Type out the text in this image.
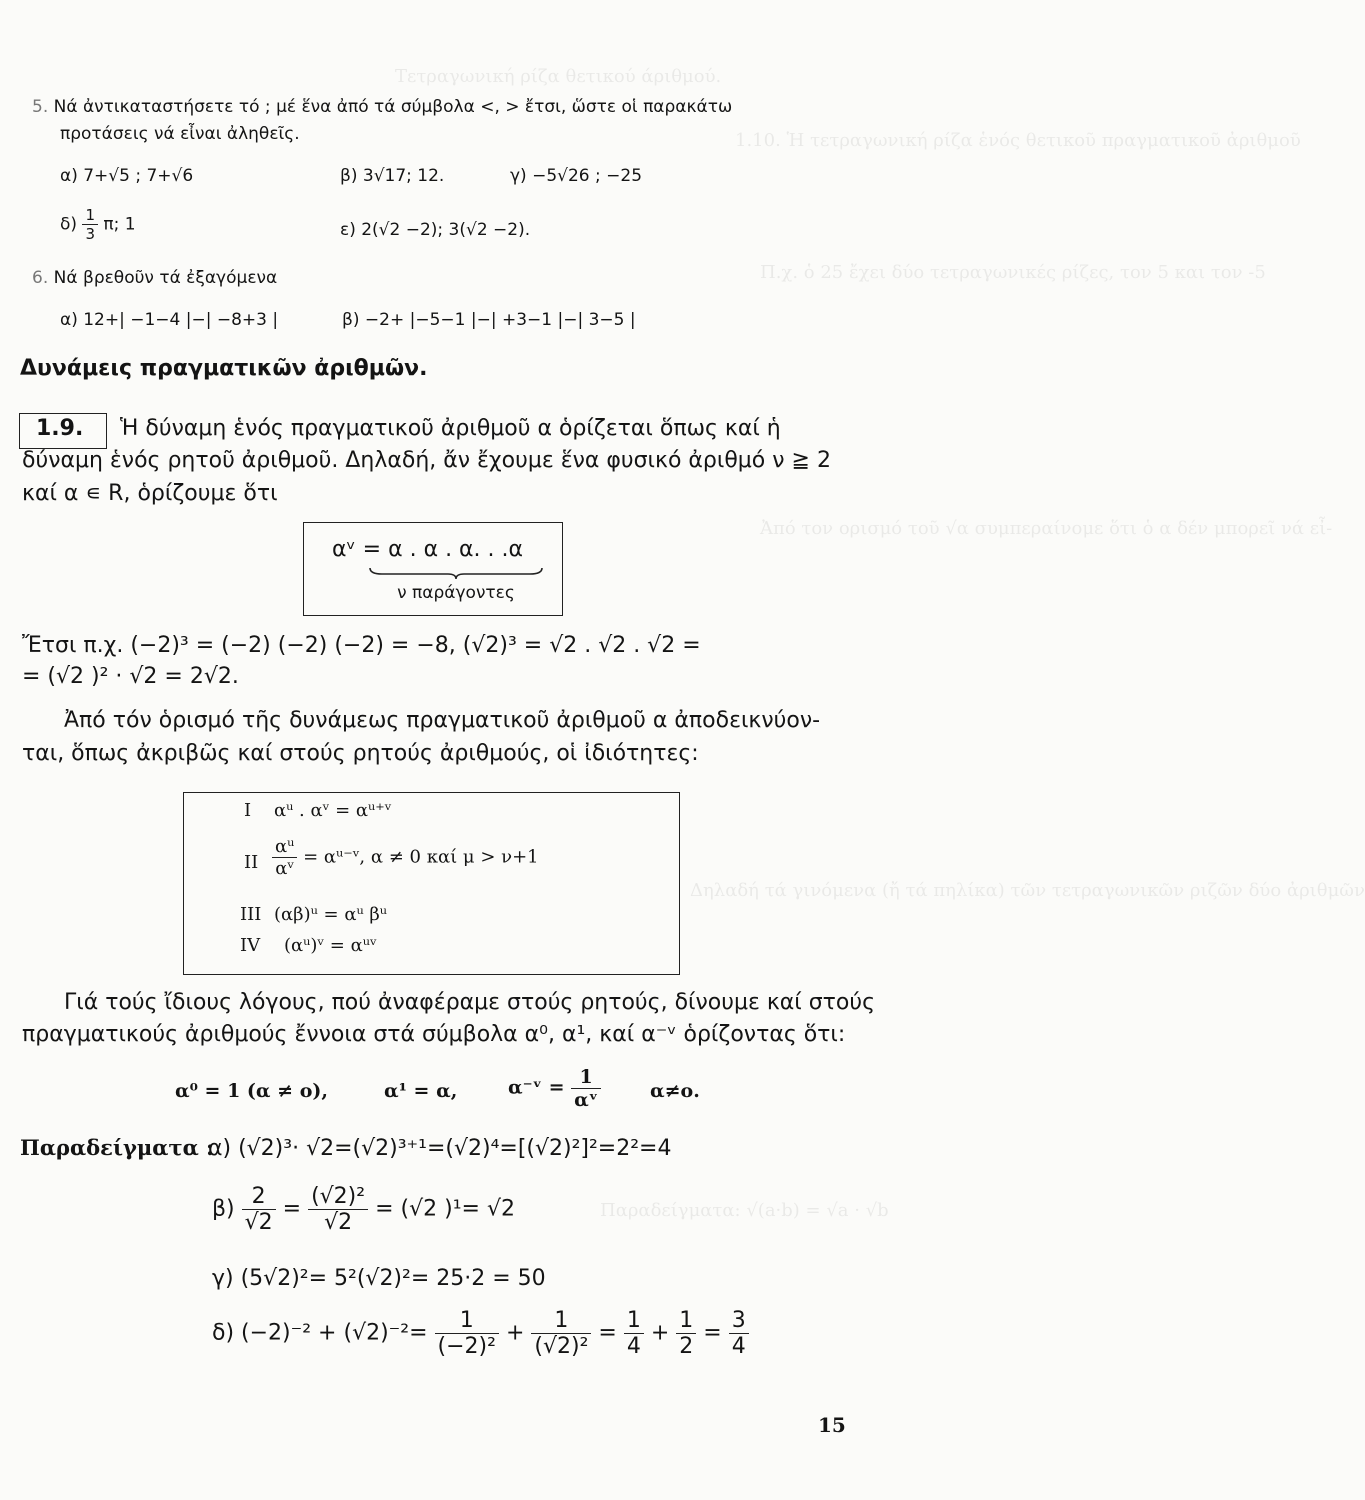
Τετραγωνική ρίζα θετικού άριθμού.
1.10. Ἡ τετραγωνική ρίζα ἑνός θετικοῦ πραγματικοῦ ἀριθμοῦ
Π.χ. ὁ 25 ἔχει δύο τετραγωνικές ρίζες, τον 5 και τον -5
Ἀπό τον ορισμό τοῦ √α συμπεραίνομε ὅτι ὁ α δέν μπορεῖ νά εἶ-
Δηλαδή τά γινόμενα (ἤ τά πηλίκα) τῶν τετραγωνικῶν ριζῶν δύο ἀριθμῶν
Παραδείγματα: √(a·b) = √a · √b
5. Νά ἀντικαταστήσετε τό ; μέ ἕνα ἀπό τά σύμβολα <, > ἔτσι, ὥστε οἱ παρακάτω
προτάσεις νά εἶναι ἀληθεῖς.
α) 7+√5 ; 7+√6	β) 3√17; 12.	γ) −5√26 ; −25
$\delta) \frac{1}{3} \pi$; 1	ε) 2(√2 −2); 3(√2 −2).
6. Νά βρεθοῦν τά ἐξαγόμενα
α) 12+| −1−4 |−| −8+3 |	β) −2+ |−5−1 |−| +3−1 |−| 3−5 |
Δυνάμεις πραγματικῶν ἀριθμῶν.
1.9. Ἡ δύναμη ἑνός πραγματικοῦ ἀριθμοῦ α ὁρίζεται ὅπως καί ἡ
δύναμη ἑνός ρητοῦ ἀριθμοῦ. Δηλαδή, ἄν ἔχουμε ἕνα φυσικό ἀριθμό ν ≧ 2
καί α ∊ R, ὁρίζουμε ὅτι
αᵛ = α . α . α. . .α
ν παράγοντες
Ἔτσι π.χ. (−2)³ = (−2) (−2) (−2) = −8, (√2)³ = √2 . √2 . √2 =
= (√2 )² · √2 = 2√2.
Ἀπό τόν ὁρισμό τῆς δυνάμεως πραγματικοῦ ἀριθμοῦ α ἀποδεικνύον-
ται, ὅπως ἀκριβῶς καί στούς ρητούς ἀριθμούς, οἱ ἰδιότητες:
I αᵘ . αᵛ = αᵘ⁺ᵛ
II $\frac{\text{αᵘ}}{\text{αᵛ}}$ = αᵘ⁻ᵛ, α ≠ 0 καί μ > ν+1
III (αβ)ᵘ = αᵘ βᵘ
IV (αᵘ)ᵛ = αᵘᵛ
Γιά τούς ἴδιους λόγους, πού ἀναφέραμε στούς ρητούς, δίνουμε καί στούς
πραγματικούς ἀριθμούς ἔννοια στά σύμβολα α⁰, α¹, καί α⁻ᵛ ὁρίζοντας ὅτι:
α⁰ = 1 (α ≠ ο),	α¹ = α,	α⁻ᵛ = $\frac{1}{\text{αᵛ}}$	α≠ο.
Παραδείγματα :
α) (√2)³· √2=(√2)³⁺¹=(√2)⁴=[(√2)²]²=2²=4
$\beta) \frac{2}{√2} = \frac{\text{(√2)²}}{√2} = (√2$ )¹= √2
γ) (5√2)²= 5²(√2)²= 25·2 = 50
δ) $(-2)^{-2} + (√2)^{-2}= \frac{1}{\text{(−2)²}} + \frac{1}{\text{(√2)²}} = \frac{1}{4} + \frac{1}{2} = \frac{3}{4}$
15
